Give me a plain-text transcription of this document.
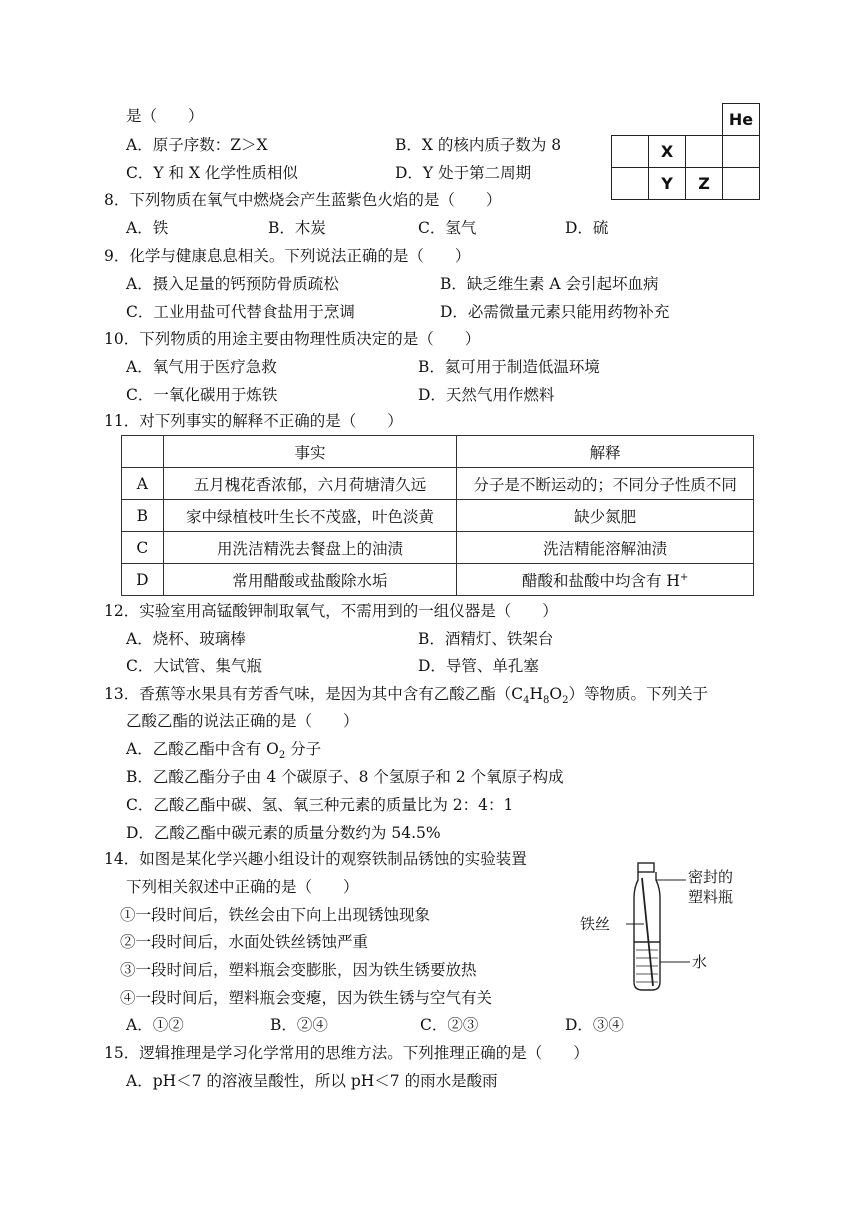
是（　　）
A．原子序数：Z＞X	B．X 的核内质子数为 8
C．Y 和 X 化学性质相似	D．Y 处于第二周期
			He
	X		
	Y	Z	
8．下列物质在氧气中燃烧会产生蓝紫色火焰的是（　　）
A．铁	B．木炭	C．氢气	D．硫
9．化学与健康息息相关。下列说法正确的是（　　）
A．摄入足量的钙预防骨质疏松	B．缺乏维生素 A 会引起坏血病
C．工业用盐可代替食盐用于烹调	D．必需微量元素只能用药物补充
10．下列物质的用途主要由物理性质决定的是（　　）
A．氧气用于医疗急救	B．氦可用于制造低温环境
C．一氧化碳用于炼铁	D．天然气用作燃料
11．对下列事实的解释不正确的是（　　）
	事实	解释
A	五月槐花香浓郁，六月荷塘清久远	分子是不断运动的；不同分子性质不同
B	家中绿植枝叶生长不茂盛，叶色淡黄	缺少氮肥
C	用洗洁精洗去餐盘上的油渍	洗洁精能溶解油渍
D	常用醋酸或盐酸除水垢	醋酸和盐酸中均含有 H+
12．实验室用高锰酸钾制取氧气，不需用到的一组仪器是（　　）
A．烧杯、玻璃棒	B．酒精灯、铁架台
C．大试管、集气瓶	D．导管、单孔塞
13．香蕉等水果具有芳香气味，是因为其中含有乙酸乙酯$(C_4H_8O_2)$等物质。下列关于
乙酸乙酯的说法正确的是（　　）
A．乙酸乙酯中含有 $O_2$ 分子
B．乙酸乙酯分子由 4 个碳原子、8 个氢原子和 2 个氧原子构成
C．乙酸乙酯中碳、氢、氧三种元素的质量比为 2：4：1
D．乙酸乙酯中碳元素的质量分数约为 54.5%
14．如图是某化学兴趣小组设计的观察铁制品锈蚀的实验装置
下列相关叙述中正确的是（　　）
①一段时间后，铁丝会由下向上出现锈蚀现象
②一段时间后，水面处铁丝锈蚀严重
③一段时间后，塑料瓶会变膨胀，因为铁生锈要放热
④一段时间后，塑料瓶会变瘪，因为铁生锈与空气有关
A．①②	B．②④	C．②③	D．③④
密封的
塑料瓶
铁丝
水
15．逻辑推理是学习化学常用的思维方法。下列推理正确的是（　　）
A．pH＜7 的溶液呈酸性，所以 pH＜7 的雨水是酸雨
